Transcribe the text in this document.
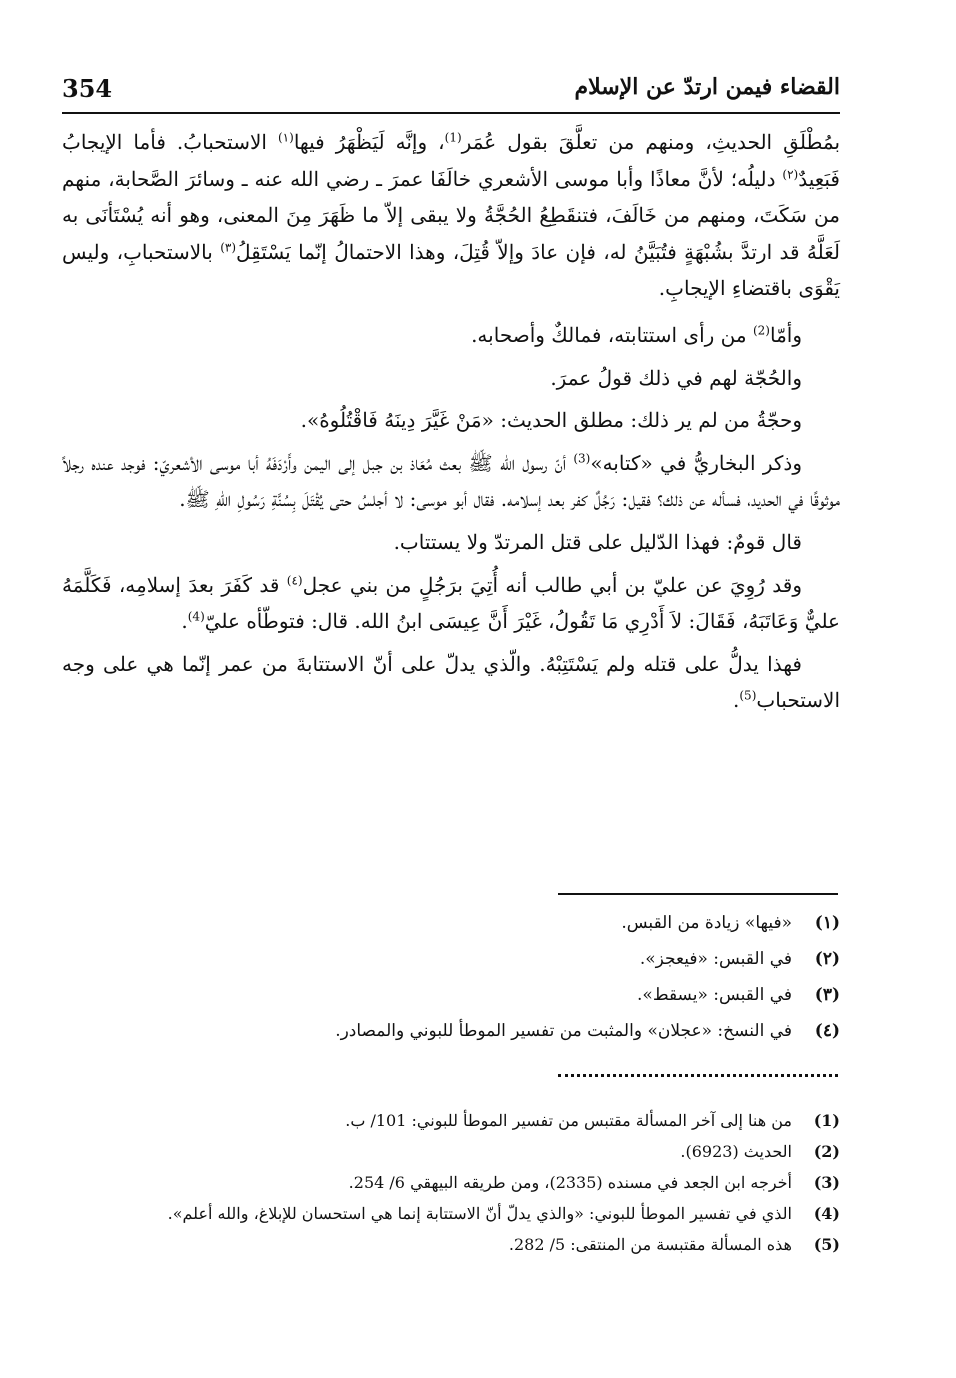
354	القضاء فيمن ارتدّ عن الإسلام

بمُطْلَقِ الحديثِ، ومنهم من تعلَّقَ بقول عُمَر$^{(1)}$، وإنَّه لَيَظْهَرُ فيها$^{(١)}$ الاستحبابُ. فأما الإيجابُ فَبَعِيدٌ$^{(٢)}$ دليلُه؛ لأنَّ معاذًا وأبا موسى الأشعري خالَفَا عمرَ ـ رضي الله عنه ـ وسائرَ الصَّحابة، منهم من سَكَتَ، ومنهم من خَالَفَ، فتنقَطِعُ الحُجَّةُ ولا يبقى إلاّ ما ظَهَرَ مِنَ المعنى، وهو أنه يُسْتَأنَى به لَعَلَّهُ قد ارتدَّ بشُبْهَةٍ فتُبَيَّنُ له، فإن عادَ وإلاّ قُتِلَ، وهذا الاحتمالُ إنّما يَسْتَقِلُ$^{(٣)}$ بالاستحبابِ، وليس يَقْوَى باقتضاءِ الإيجابِ.

وأمّا$^{(2)}$ من رأى استتابته، فمالكٌ وأصحابه.

والحُجّة لهم في ذلك قولُ عمرَ.

وحجّةُ من لم ير ذلك: مطلق الحديث: «مَنْ غَيَّرَ دِينَهُ فَاقْتُلُوهُ».

وذكر البخاريُّ في «كتابه»$^{(3)}$ أنّ رسول الله ﷺ بعث مُعَاذ بن جبل إلى اليمن وأَرْدَفَهُ أبا موسى الأشعريّ: فوجد عنده رجلاً موثوقًا في الحديد، فسأله عن ذلك؟ فقيل: رَجُلٌ كفر بعد إسلامه. فقال أبو موسى: لا أجلسُ حتى يُقْتَلَ بِسُنَّةِ رَسُولِ اللهِ ﷺ.

قال قومٌ: فهذا الدّليل على قتل المرتدّ ولا يستتاب.

وقد رُوِيَ عن عليّ بن أبي طالب أنه أُتِيَ برَجُلٍ من بني عجل$^{(٤)}$ قد كَفَرَ بعدَ إسلامِه، فَكَلَّمَهُ عليٌّ وَعَاتَبَهُ، فَقَالَ: لاَ أَدْرِي مَا تَقُولُ، غَيْرَ أَنَّ عِيسَى ابنُ الله. قال: فتوطّأه عليّ$^{(4)}$.

فهذا يدلُّ على قتله ولم يَسْتَتِبْهُ. والّذي يدلّ على أنّ الاستتابةَ من عمر إنّما هي على وجه الاستحباب$^{(5)}$.

(١)
«فيها» زيادة من القبس.
(٢)
في القبس: «فيعجز».
(٣)
في القبس: «يسقط».
(٤)
في النسخ: «عجلان» والمثبت من تفسير الموطأ للبوني والمصادر.
(1)
من هنا إلى آخر المسألة مقتبس من تفسير الموطأ للبوني: 101/ ب.
(2)
الحديث (6923).
(3)
أخرجه ابن الجعد في مسنده (2335)، ومن طريقه البيهقي 6/ 254.
(4)
الذي في تفسير الموطأ للبوني: «والذي يدلّ أنّ الاستتابة إنما هي استحسان للإبلاغ، والله أعلم».
(5)
هذه المسألة مقتبسة من المنتقى: 5/ 282.
